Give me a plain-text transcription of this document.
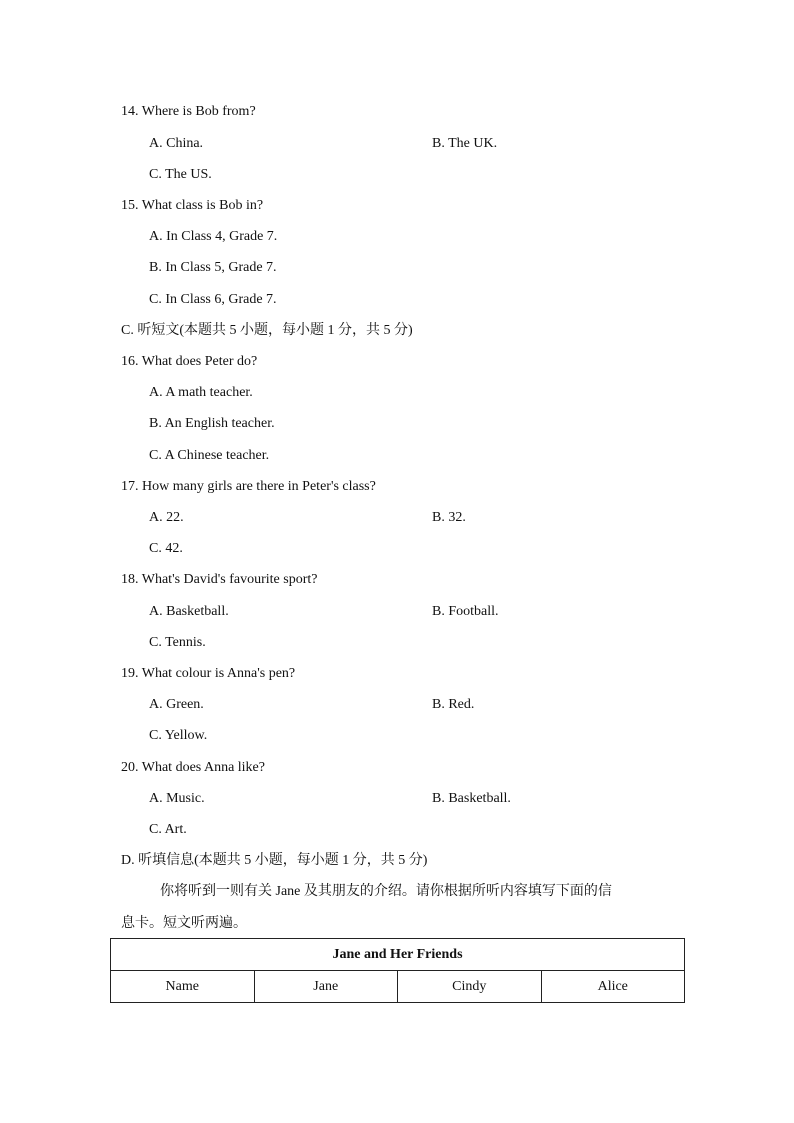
14. Where is Bob from?
A. China.	B. The UK.
C. The US.
15. What class is Bob in?
A. In Class 4, Grade 7.
B. In Class 5, Grade 7.
C. In Class 6, Grade 7.
C. 听短文(本题共 5 小题，每小题 1 分，共 5 分)
16. What does Peter do?
A. A math teacher.
B. An English teacher.
C. A Chinese teacher.
17. How many girls are there in Peter's class?
A. 22.	B. 32.
C. 42.
18. What's David's favourite sport?
A. Basketball.	B. Football.
C. Tennis.
19. What colour is Anna's pen?
A. Green.	B. Red.
C. Yellow.
20. What does Anna like?
A. Music.	B. Basketball.
C. Art.
D. 听填信息(本题共 5 小题，每小题 1 分，共 5 分)
你将听到一则有关 Jane 及其朋友的介绍。请你根据所听内容填写下面的信
息卡。短文听两遍。
Jane and Her Friends
Name	Jane	Cindy	Alice
